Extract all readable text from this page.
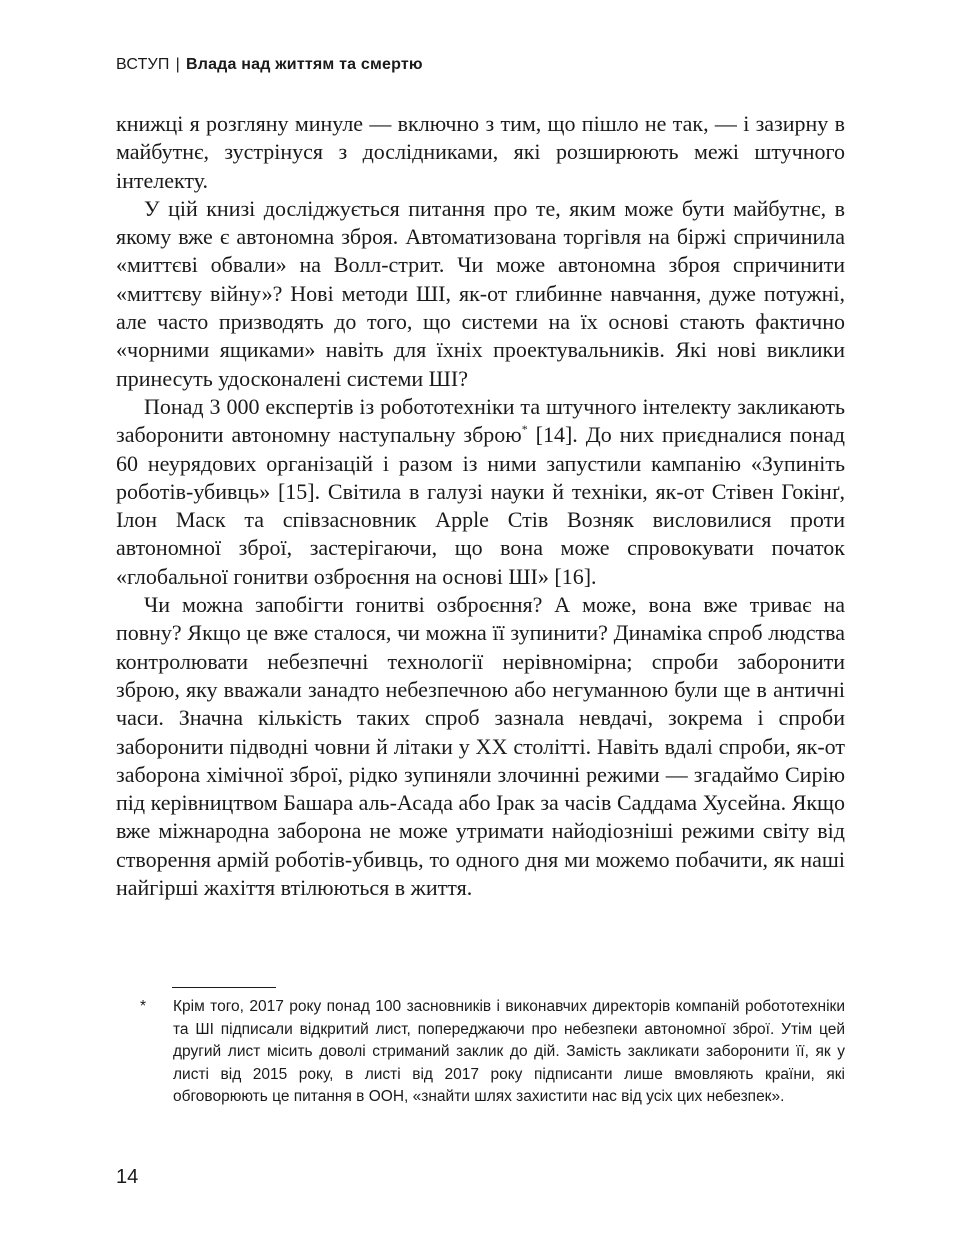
ВСТУП | Влада над життям та смертю

книжці я розгляну минуле — включно з тим, що пішло не так, — і зазирну в майбутнє, зустрінуся з дослідниками, які розширюють межі штучного інтелекту.

У цій книзі досліджується питання про те, яким може бути майбутнє, в якому вже є автономна зброя. Автоматизована торгівля на біржі спричинила «миттєві обвали» на Волл-стрит. Чи може автономна зброя спричинити «миттєву війну»? Нові методи ШІ, як-от глибинне навчання, дуже потужні, але часто призводять до того, що системи на їх основі стають фактично «чорними ящиками» навіть для їхніх проектувальників. Які нові виклики принесуть удосконалені системи ШІ?

Понад 3 000 експертів із робототехніки та штучного інтелекту закликають заборонити автономну наступальну зброю* [14]. До них приєдналися понад 60 неурядових організацій і разом із ними запустили кампанію «Зупиніть роботів-убивць» [15]. Світила в галузі науки й техніки, як-от Стівен Гокінґ, Ілон Маск та співзасновник Apple Стів Возняк висловилися проти автономної зброї, застерігаючи, що вона може спровокувати початок «глобальної гонитви озброєння на основі ШІ» [16].

Чи можна запобігти гонитві озброєння? А може, вона вже триває на повну? Якщо це вже сталося, чи можна її зупинити? Динаміка спроб людства контролювати небезпечні технології нерівномірна; спроби заборонити зброю, яку вважали занадто небезпечною або негуманною були ще в античні часи. Значна кількість таких спроб зазнала невдачі, зокрема і спроби заборонити підводні човни й літаки у XX столітті. Навіть вдалі спроби, як-от заборона хімічної зброї, рідко зупиняли злочинні режими — згадаймо Сирію під керівництвом Башара аль-Асада або Ірак за часів Саддама Хусейна. Якщо вже міжнародна заборона не може утримати найодіозніші режими світу від створення армій роботів-убивць, то одного дня ми можемо побачити, як наші найгірші жахіття втілюються в життя.

* Крім того, 2017 року понад 100 засновників і виконавчих директорів компаній робототехніки та ШІ підписали відкритий лист, попереджаючи про небезпеки автономної зброї. Утім цей другий лист місить доволі стриманий заклик до дій. Замість закликати заборонити її, як у листі від 2015 року, в листі від 2017 року підписанти лише вмовляють країни, які обговорюють це питання в ООН, «знайти шлях захистити нас від усіх цих небезпек».
14
